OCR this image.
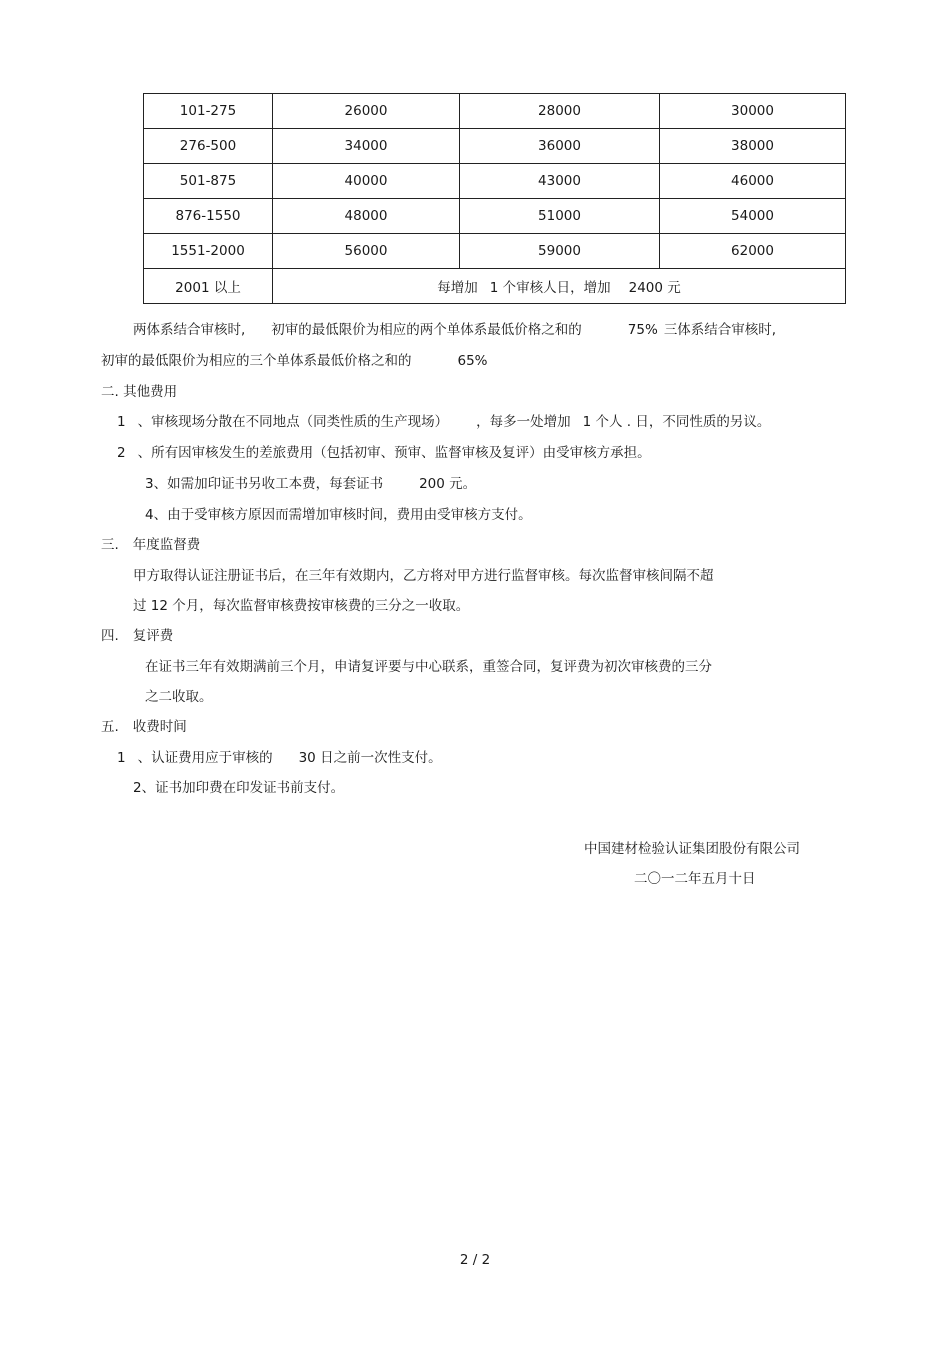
101-275	26000	28000	30000
276-500	34000	36000	38000
501-875	40000	43000	46000
876-1550	48000	51000	54000
1551-2000	56000	59000	62000
2001 以上	每增加 1 个审核人日，增加 2400 元		
两体系结合审核时, 初审的最低限价为相应的两个单体系最低价格之和的	75% 三体系结合审核时,
初审的最低限价为相应的三个单体系最低价格之和的	65%
二. 其他费用
1 、审核现场分散在不同地点（同类性质的生产现场） ，每多一处增加 1 个人 . 日，不同性质的另议。
2 、所有因审核发生的差旅费用（包括初审、预审、监督审核及复评）由受审核方承担。
3、如需加印证书另收工本费，每套证书	200 元。
4、由于受审核方原因而需增加审核时间，费用由受审核方支付。
三. 年度监督费
甲方取得认证注册证书后，在三年有效期内，乙方将对甲方进行监督审核。每次监督审核间隔不超
过 12 个月，每次监督审核费按审核费的三分之一收取。
四. 复评费
在证书三年有效期满前三个月，申请复评要与中心联系，重签合同，复评费为初次审核费的三分
之二收取。
五. 收费时间
1 、认证费用应于审核的 30 日之前一次性支付。
2、证书加印费在印发证书前支付。
中国建材检验认证集团股份有限公司
二〇一二年五月十日
2 / 2
